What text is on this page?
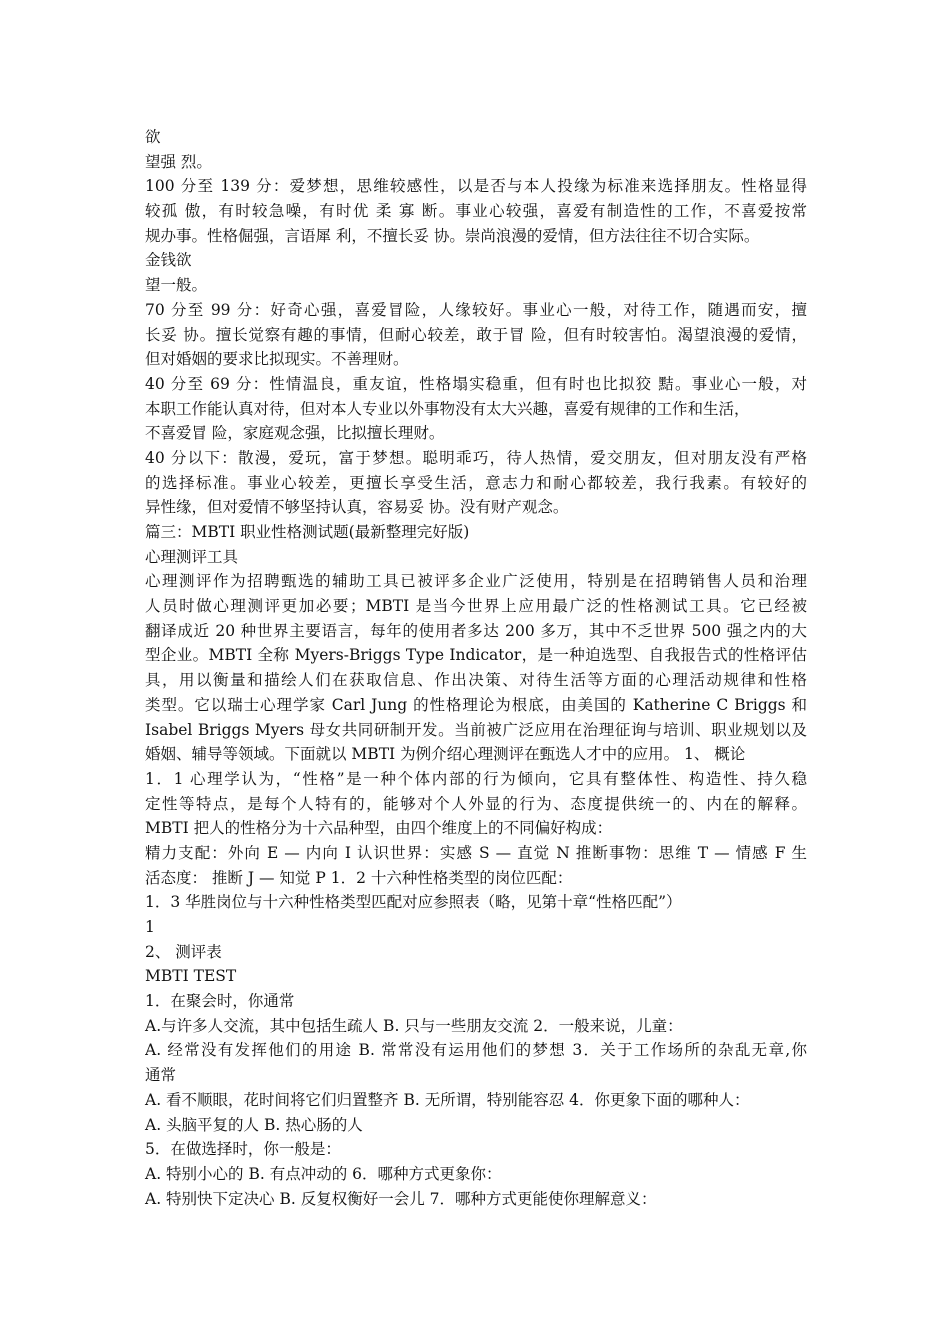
欲
望强 烈。
100 分至 139 分：爱梦想，思维较感性，以是否与本人投缘为标准来选择朋友。性格显得
较孤 傲，有时较急噪，有时优 柔 寡 断。事业心较强，喜爱有制造性的工作，不喜爱按常
规办事。性格倔强，言语犀 利，不擅长妥 协。崇尚浪漫的爱情，但方法往往不切合实际。
金钱欲
望一般。
70 分至 99 分：好奇心强，喜爱冒险，人缘较好。事业心一般，对待工作，随遇而安，擅
长妥 协。擅长觉察有趣的事情，但耐心较差，敢于冒 险，但有时较害怕。渴望浪漫的爱情，
但对婚姻的要求比拟现实。不善理财。
40 分至 69 分：性情温良，重友谊，性格塌实稳重，但有时也比拟狡 黠。事业心一般，对
本职工作能认真对待，但对本人专业以外事物没有太大兴趣，喜爱有规律的工作和生活，
不喜爱冒 险，家庭观念强，比拟擅长理财。
40 分以下：散漫，爱玩，富于梦想。聪明乖巧，待人热情，爱交朋友，但对朋友没有严格
的选择标准。事业心较差，更擅长享受生活，意志力和耐心都较差，我行我素。有较好的
异性缘，但对爱情不够坚持认真，容易妥 协。没有财产观念。
篇三：MBTI 职业性格测试题(最新整理完好版)
心理测评工具
心理测评作为招聘甄选的辅助工具已被评多企业广泛使用，特别是在招聘销售人员和治理
人员时做心理测评更加必要；MBTI 是当今世界上应用最广泛的性格测试工具。它已经被
翻译成近 20 种世界主要语言，每年的使用者多达 200 多万，其中不乏世界 500 强之内的大
型企业。MBTI 全称 Myers-Briggs Type Indicator，是一种迫选型、自我报告式的性格评估
具，用以衡量和描绘人们在获取信息、作出决策、对待生活等方面的心理活动规律和性格
类型。它以瑞士心理学家 Carl Jung 的性格理论为根底，由美国的 Katherine C Briggs 和
Isabel Briggs Myers 母女共同研制开发。当前被广泛应用在治理征询与培训、职业规划以及
婚姻、辅导等领域。下面就以 MBTI 为例介绍心理测评在甄选人才中的应用。 1、 概论
1．1 心理学认为，“性格”是一种个体内部的行为倾向，它具有整体性、构造性、持久稳
定性等特点，是每个人特有的，能够对个人外显的行为、态度提供统一的、内在的解释。
MBTI 把人的性格分为十六品种型，由四个维度上的不同偏好构成：
精力支配：外向 E — 内向 I 认识世界：实感 S — 直觉 N 推断事物：思维 T — 情感 F 生
活态度： 推断 J — 知觉 P 1．2 十六种性格类型的岗位匹配：
1．3 华胜岗位与十六种性格类型匹配对应参照表（略，见第十章“性格匹配”）
1
2、 测评表
MBTI TEST
1．在聚会时，你通常
A.与许多人交流，其中包括生疏人 B. 只与一些朋友交流 2．一般来说，儿童：
A. 经常没有发挥他们的用途 B. 常常没有运用他们的梦想 3．关于工作场所的杂乱无章,你
通常
A. 看不顺眼，花时间将它们归置整齐 B. 无所谓，特别能容忍 4．你更象下面的哪种人：
A. 头脑平复的人 B. 热心肠的人
5．在做选择时，你一般是：
A. 特别小心的 B. 有点冲动的 6．哪种方式更象你：
A. 特别快下定决心 B. 反复权衡好一会儿 7．哪种方式更能使你理解意义：
